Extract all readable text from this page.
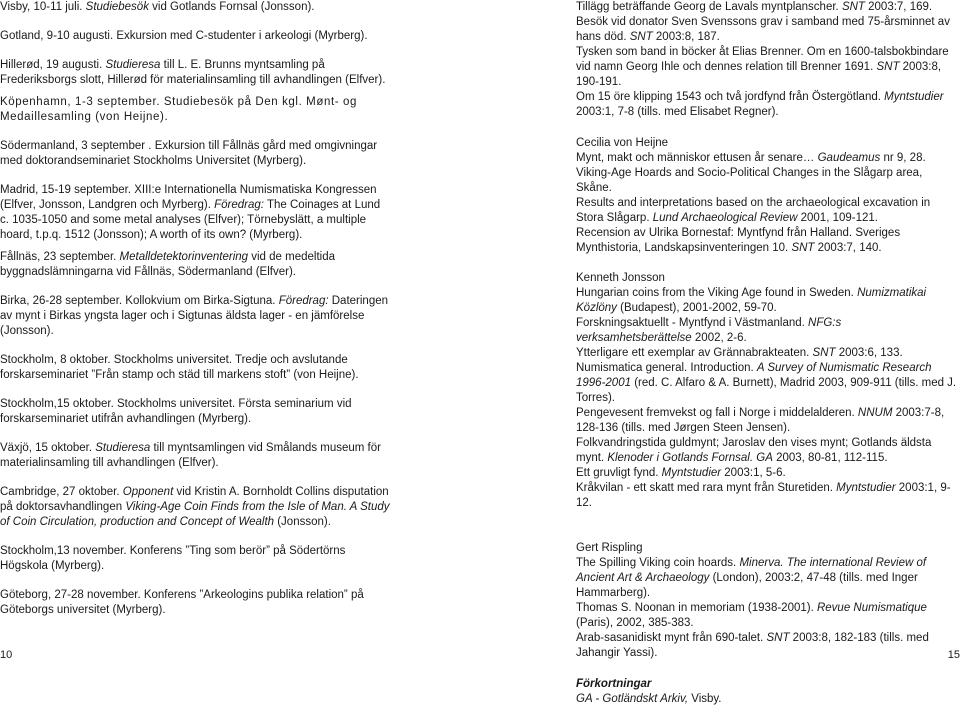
Visby, 10-11 juli. Studiebesök vid Gotlands Fornsal (Jonsson).

Gotland, 9-10 augusti. Exkursion med C-studenter i arkeologi (Myrberg).

Hillerød, 19 augusti. Studieresa till L. E. Brunns myntsamling på Frederiksborgs slott, Hillerød för materialinsamling till avhandlingen (Elfver).

Köpenhamn, 1-3 september. Studiebesök på Den kgl. Mønt- og Medaillesamling (von Heijne).

Södermanland, 3 september . Exkursion till Fållnäs gård med omgivningar med doktorandseminariet Stockholms Universitet (Myrberg).

Madrid, 15-19 september. XIII:e Internationella Numismatiska Kongressen (Elfver, Jonsson, Landgren och Myrberg). Föredrag: The Coinages at Lund c. 1035-1050 and some metal analyses (Elfver); Törnebyslätt, a multiple hoard, t.p.q. 1512 (Jonsson); A worth of its own? (Myrberg).

Fållnäs, 23 september. Metalldetektorinventering vid de medeltida byggnadslämningarna vid Fållnäs, Södermanland (Elfver).

Birka, 26-28 september. Kollokvium om Birka-Sigtuna. Föredrag: Dateringen av mynt i Birkas yngsta lager och i Sigtunas äldsta lager - en jämförelse (Jonsson).

Stockholm, 8 oktober. Stockholms universitet. Tredje och avslutande forskarseminariet ”Från stamp och städ till markens stoft” (von Heijne).

Stockholm,15 oktober. Stockholms universitet. Första seminarium vid forskarseminariet utifrån avhandlingen (Myrberg).

Växjö, 15 oktober. Studieresa till myntsamlingen vid Smålands museum för materialinsamling till avhandlingen (Elfver).

Cambridge, 27 oktober. Opponent vid Kristin A. Bornholdt Collins disputation på doktorsavhandlingen Viking-Age Coin Finds from the Isle of Man. A Study of Coin Circulation, production and Concept of Wealth (Jonsson).

Stockholm,13 november. Konferens ”Ting som berör” på Södertörns Högskola (Myrberg).

Göteborg, 27-28 november. Konferens ”Arkeologins publika relation” på Göteborgs universitet (Myrberg).

Tillägg beträffande Georg de Lavals myntplanscher. SNT 2003:7, 169.

Besök vid donator Sven Svenssons grav i samband med 75-årsminnet av hans död. SNT 2003:8, 187.

Tysken som band in böcker åt Elias Brenner. Om en 1600-talsbokbindare vid namn Georg Ihle och dennes relation till Brenner 1691. SNT 2003:8, 190-191.

Om 15 öre klipping 1543 och två jordfynd från Östergötland. Myntstudier 2003:1, 7-8 (tills. med Elisabet Regner).

Cecilia von Heijne

Mynt, makt och människor ettusen år senare… Gaudeamus nr 9, 28.

Viking-Age Hoards and Socio-Political Changes in the Slågarp area, Skåne.

Results and interpretations based on the archaeological excavation in Stora Slågarp. Lund Archaeological Review 2001, 109-121.

Recension av Ulrika Bornestaf: Myntfynd från Halland. Sveriges Mynthistoria, Landskapsinventeringen 10. SNT 2003:7, 140.

Kenneth Jonsson

Hungarian coins from the Viking Age found in Sweden. Numizmatikai Közlöny (Budapest), 2001-2002, 59-70.

Forskningsaktuellt - Myntfynd i Västmanland. NFG:s verksamhetsberättelse 2002, 2-6.

Ytterligare ett exemplar av Grännabrakteaten. SNT 2003:6, 133.

Numismatica general. Introduction. A Survey of Numismatic Research 1996-2001 (red. C. Alfaro & A. Burnett), Madrid 2003, 909-911 (tills. med J. Torres).

Pengevesent fremvekst og fall i Norge i middelalderen. NNUM 2003:7-8, 128-136 (tills. med Jørgen Steen Jensen).

Folkvandringstida guldmynt; Jaroslav den vises mynt; Gotlands äldsta mynt. Klenoder i Gotlands Fornsal. GA 2003, 80-81, 112-115.

Ett gruvligt fynd. Myntstudier 2003:1, 5-6.

Kråkvilan - ett skatt med rara mynt från Sturetiden. Myntstudier 2003:1, 9-12.

Gert Rispling

The Spilling Viking coin hoards. Minerva. The international Review of Ancient Art & Archaeology (London), 2003:2, 47-48 (tills. med Inger Hammarberg).

Thomas S. Noonan in memoriam (1938-2001). Revue Numismatique (Paris), 2002, 385-383.

Arab-sasanidiskt mynt från 690-talet. SNT 2003:8, 182-183 (tills. med Jahangir Yassi).

Förkortningar

GA - Gotländskt Arkiv, Visby.

10	15
